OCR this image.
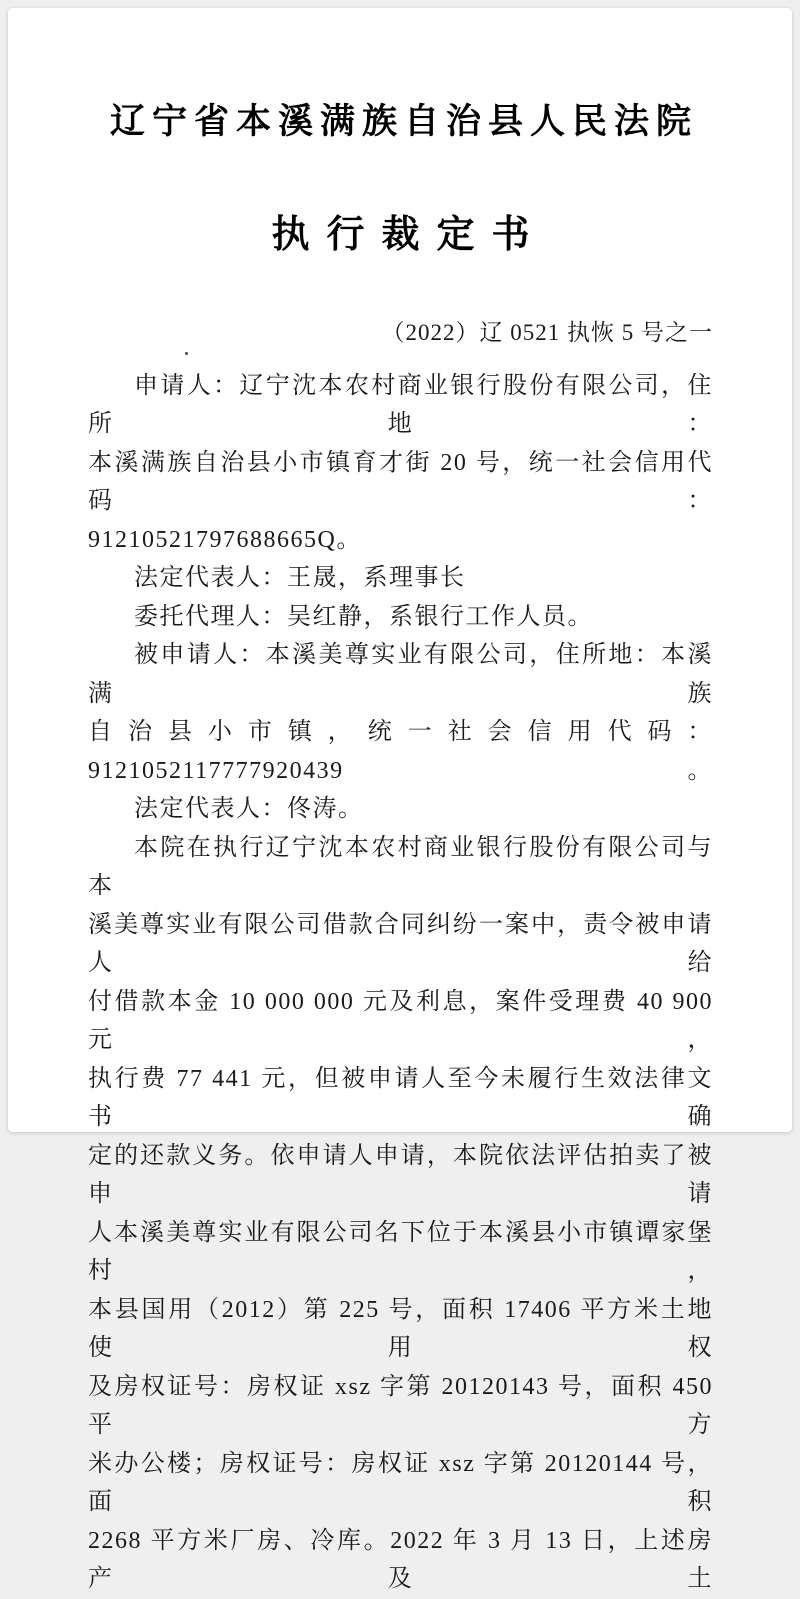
辽宁省本溪满族自治县人民法院
执行裁定书
（2022）辽 0521 执恢 5 号之一
申请人：辽宁沈本农村商业银行股份有限公司，住所地：
本溪满族自治县小市镇育才街 20 号，统一社会信用代码：
91210521797688665Q。
法定代表人：王晟，系理事长
委托代理人：吴红静，系银行工作人员。
被申请人：本溪美尊实业有限公司，住所地：本溪满族
自治县小市镇，统一社会信用代码：9121052117777920439。
法定代表人：佟涛。
本院在执行辽宁沈本农村商业银行股份有限公司与本
溪美尊实业有限公司借款合同纠纷一案中，责令被申请人给
付借款本金 10 000 000 元及利息，案件受理费 40 900 元，
执行费 77 441 元，但被申请人至今未履行生效法律文书确
定的还款义务。依申请人申请，本院依法评估拍卖了被申请
人本溪美尊实业有限公司名下位于本溪县小市镇谭家堡村，
本县国用（2012）第 225 号，面积 17406 平方米土地使用权
及房权证号：房权证 xsz 字第 20120143 号，面积 450 平方
米办公楼；房权证号：房权证 xsz 字第 20120144 号，面积
2268 平方米厂房、冷库。2022 年 3 月 13 日，上述房产及土
